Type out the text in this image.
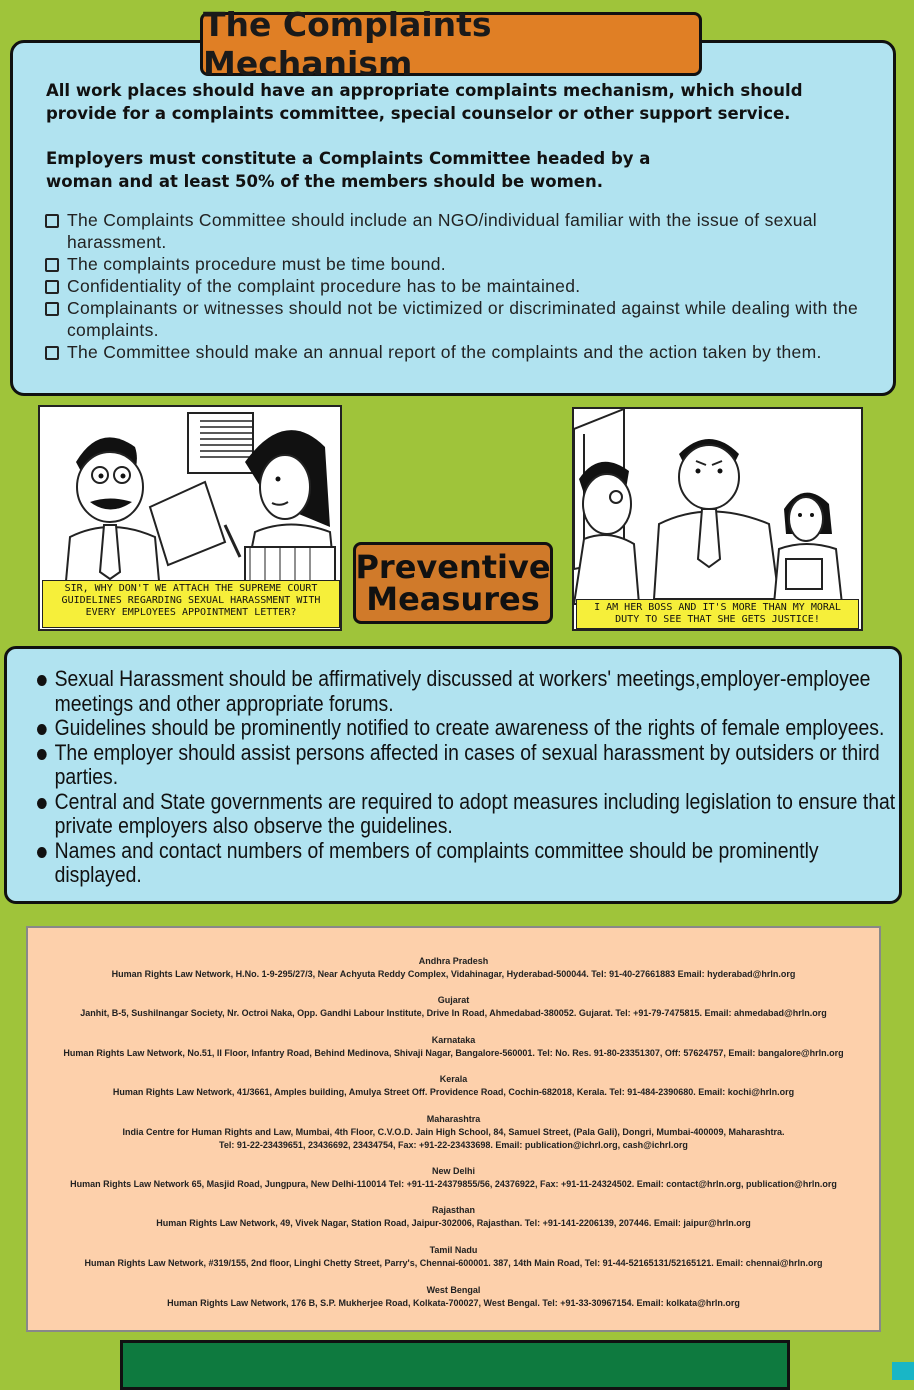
All work places should have an appropriate complaints mechanism, which should provide for a complaints committee, special counselor or other support service.
Employers must constitute a Complaints Committee headed by a woman and at least 50% of the members should be women.
The Complaints Committee should include an NGO/individual familiar with the issue of sexual harassment.
The complaints procedure must be time bound.
Confidentiality of the complaint procedure has to be maintained.
Complainants or witnesses should not be victimized or discriminated against while dealing with the complaints.
The Committee should make an annual report of the complaints and the action taken by them.
The Complaints Mechanism
SIR, WHY DON'T WE ATTACH THE SUPREME COURT GUIDELINES REGARDING SEXUAL HARASSMENT WITH EVERY EMPLOYEES APPOINTMENT LETTER?
Preventive
Measures	I AM HER BOSS AND IT'S MORE THAN MY MORAL DUTY TO SEE THAT SHE GETS JUSTICE!
Sexual Harassment should be affirmatively discussed at workers' meetings,employer-employee meetings and other appropriate forums.
Guidelines should be prominently notified to create awareness of the rights of female employees.
The employer should assist persons affected in cases of sexual harassment by outsiders or third parties.
Central and State governments are required to adopt measures including legislation to ensure that private employers also observe the guidelines.
Names and contact numbers of members of complaints committee should be prominently displayed.
Andhra Pradesh
Human Rights Law Network, H.No. 1-9-295/27/3, Near Achyuta Reddy Complex, Vidahinagar, Hyderabad-500044. Tel: 91-40-27661883 Email: hyderabad@hrln.org
Gujarat
Janhit, B-5, Sushilnangar Society, Nr. Octroi Naka, Opp. Gandhi Labour Institute, Drive In Road, Ahmedabad-380052. Gujarat. Tel: +91-79-7475815. Email: ahmedabad@hrln.org
Karnataka
Human Rights Law Network, No.51, II Floor, Infantry Road, Behind Medinova, Shivaji Nagar, Bangalore-560001. Tel: No. Res. 91-80-23351307, Off: 57624757, Email: bangalore@hrln.org
Kerala
Human Rights Law Network, 41/3661, Amples building, Amulya Street Off. Providence Road, Cochin-682018, Kerala. Tel: 91-484-2390680. Email: kochi@hrln.org
Maharashtra
India Centre for Human Rights and Law, Mumbai, 4th Floor, C.V.O.D. Jain High School, 84, Samuel Street, (Pala Gali), Dongri, Mumbai-400009, Maharashtra.
Tel: 91-22-23439651, 23436692, 23434754, Fax: +91-22-23433698. Email: publication@ichrl.org, cash@ichrl.org
New Delhi
Human Rights Law Network 65, Masjid Road, Jungpura, New Delhi-110014 Tel: +91-11-24379855/56, 24376922, Fax: +91-11-24324502. Email: contact@hrln.org, publication@hrln.org
Rajasthan
Human Rights Law Network, 49, Vivek Nagar, Station Road, Jaipur-302006, Rajasthan. Tel: +91-141-2206139, 207446. Email: jaipur@hrln.org
Tamil Nadu
Human Rights Law Network, #319/155, 2nd floor, Linghi Chetty Street, Parry's, Chennai-600001. 387, 14th Main Road, Tel: 91-44-52165131/52165121. Email: chennai@hrln.org
West Bengal
Human Rights Law Network, 176 B, S.P. Mukherjee Road, Kolkata-700027, West Bengal. Tel: +91-33-30967154. Email: kolkata@hrln.org
